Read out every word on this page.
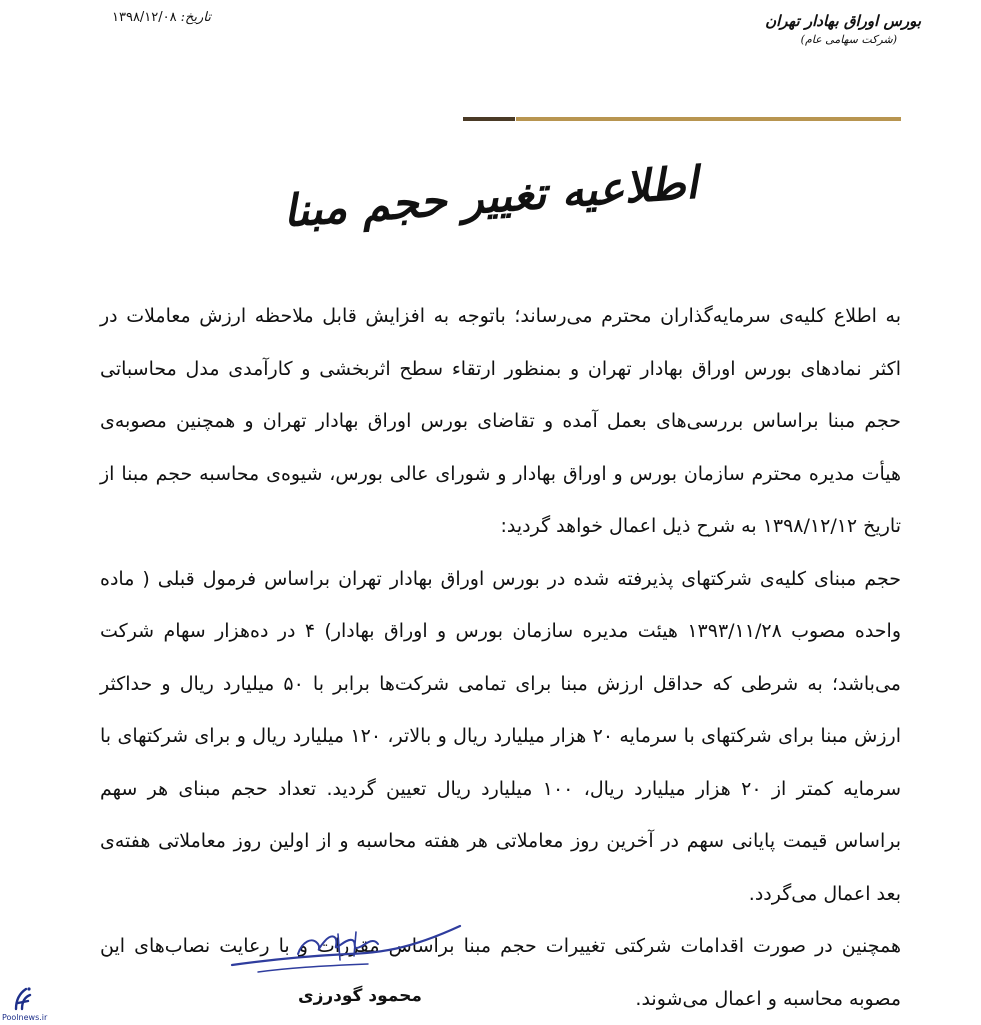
بورس اوراق بهادار تهران
(شرکت سهامی عام)
تاریخ:۱۳۹۸/۱۲/۰۸
اطلاعیه تغییر حجم مبنا

به اطلاع کلیه‌ی سرمایه‌گذاران محترم می‌رساند؛ باتوجه به افزایش قابل ملاحظه ارزش معاملات در اکثر نمادهای بورس اوراق بهادار تهران و بمنظور ارتقاء سطح اثربخشی و کارآمدی مدل محاسباتی حجم مبنا براساس بررسی‌های بعمل آمده و تقاضای بورس اوراق بهادار تهران و همچنین مصوبه‌ی هیأت مدیره محترم سازمان بورس و اوراق بهادار و شورای عالی بورس، شیوه‌ی محاسبه حجم مبنا از تاریخ ۱۳۹۸/۱۲/۱۲ به شرح ذیل اعمال خواهد گردید:

حجم مبنای کلیه‌ی شرکتهای پذیرفته شده در بورس اوراق بهادار تهران براساس فرمول قبلی ( ماده واحده مصوب ۱۳۹۳/۱۱/۲۸ هیئت مدیره سازمان بورس و اوراق بهادار) ۴ در ده‌هزار سهام شرکت می‌باشد؛ به شرطی که حداقل ارزش مبنا برای تمامی شرکت‌ها برابر با ۵۰ میلیارد ریال و حداکثر ارزش مبنا برای شرکتهای با سرمایه ۲۰ هزار میلیارد ریال و بالاتر، ۱۲۰ میلیارد ریال و برای شرکتهای با سرمایه کمتر از ۲۰ هزار میلیارد ریال، ۱۰۰ میلیارد ریال تعیین گردید. تعداد حجم مبنای هر سهم براساس قیمت پایانی سهم در آخرین روز معاملاتی هر هفته محاسبه و از اولین روز معاملاتی هفته‌ی بعد اعمال می‌گردد.

همچنین در صورت اقدامات شرکتی تغییرات حجم مبنا براساس مقررات و با رعایت نصاب‌های این مصوبه محاسبه و اعمال می‌شوند.

محمود گودرزی
Poolnews.ir
